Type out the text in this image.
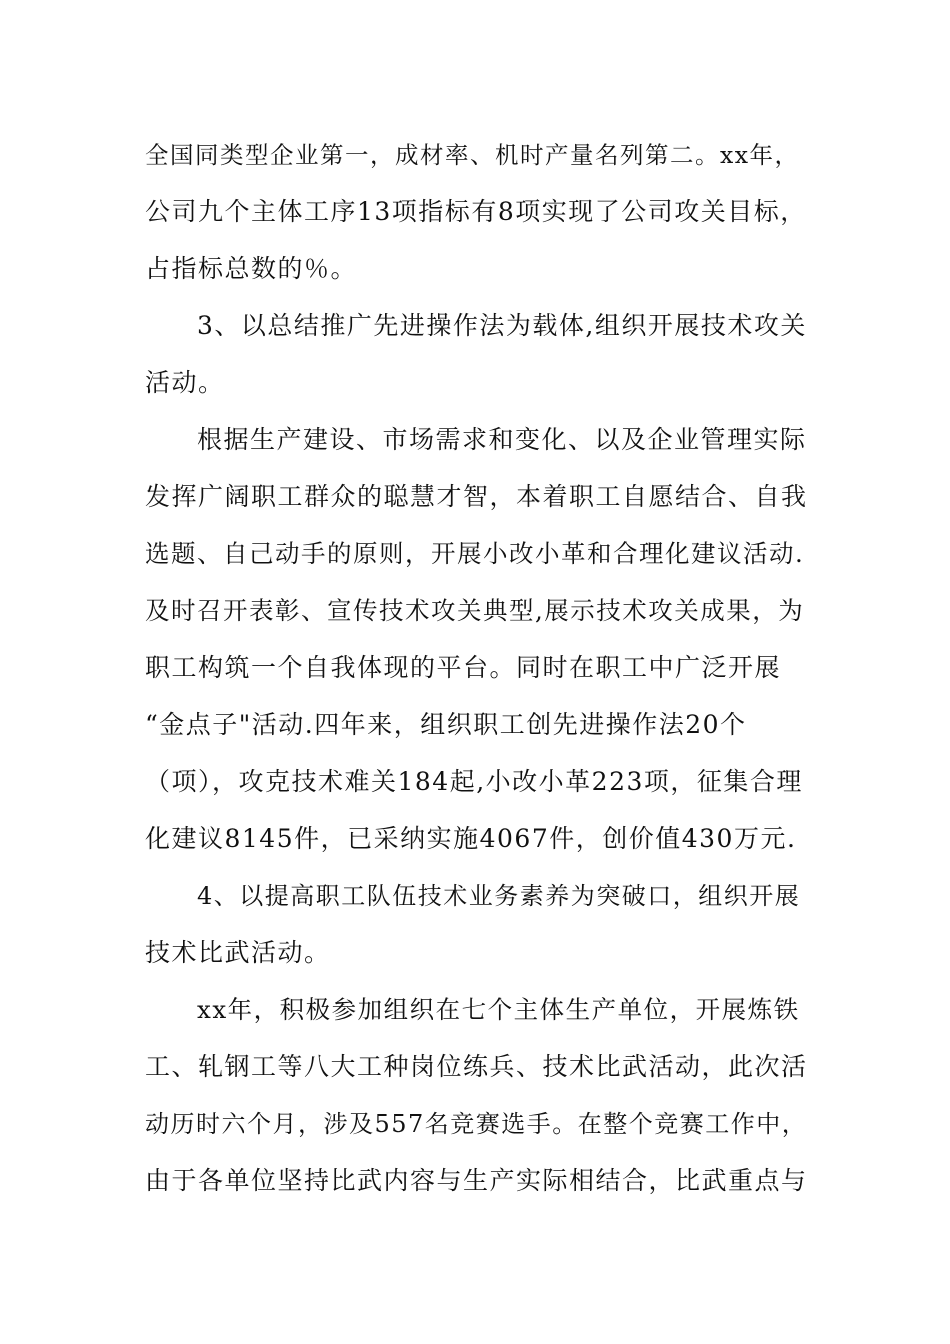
全国同类型企业第一，成材率、机时产量名列第二。xx年，
公司九个主体工序13项指标有8项实现了公司攻关目标，
占指标总数的％。
3、以总结推广先进操作法为载体,组织开展技术攻关
活动。
根据生产建设、市场需求和变化、以及企业管理实际
发挥广阔职工群众的聪慧才智，本着职工自愿结合、自我
选题、自己动手的原则，开展小改小革和合理化建议活动.
及时召开表彰、宣传技术攻关典型,展示技术攻关成果，为
职工构筑一个自我体现的平台。同时在职工中广泛开展
“金点子"活动.四年来，组织职工创先进操作法20个
（项），攻克技术难关184起,小改小革223项，征集合理
化建议8145件，已采纳实施4067件，创价值430万元.
4、以提高职工队伍技术业务素养为突破口，组织开展
技术比武活动。
xx年，积极参加组织在七个主体生产单位，开展炼铁
工、轧钢工等八大工种岗位练兵、技术比武活动，此次活
动历时六个月，涉及557名竞赛选手。在整个竞赛工作中，
由于各单位坚持比武内容与生产实际相结合，比武重点与
